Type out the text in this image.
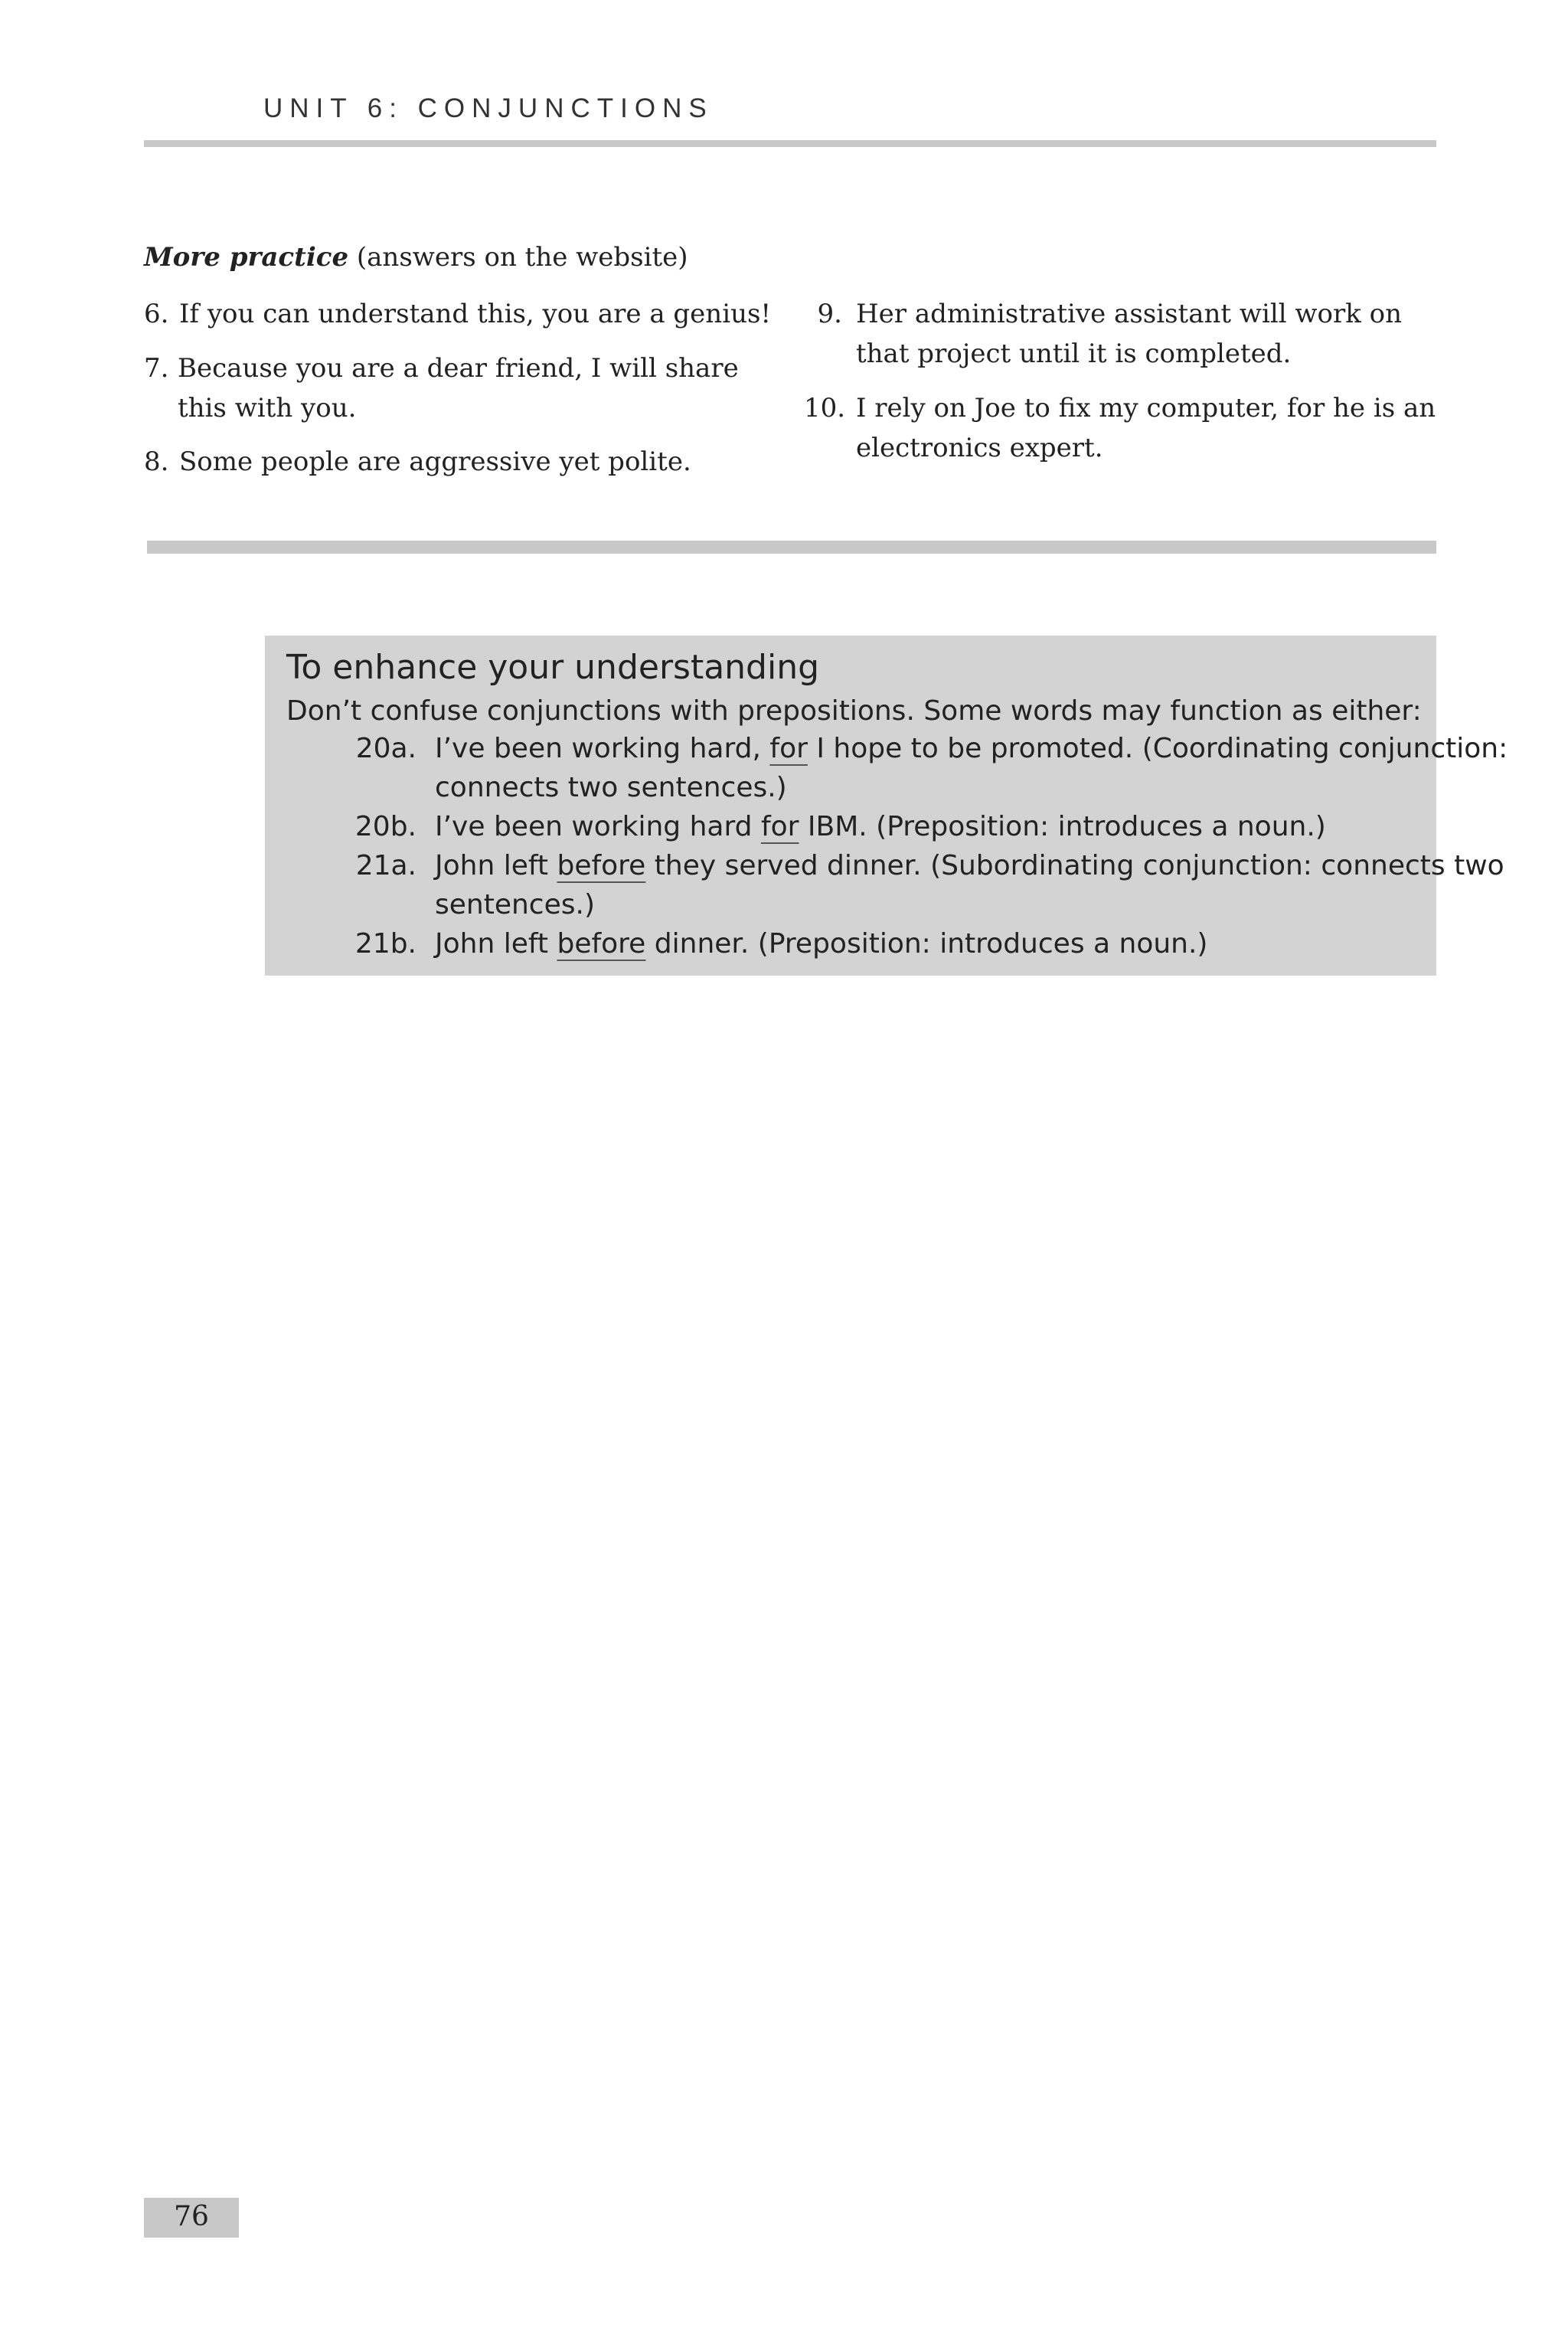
UNIT 6: CONJUNCTIONS
More practice (answers on the website)
6. If you can understand this, you are a genius!
7. Because you are a dear friend, I will share
this with you.
8. Some people are aggressive yet polite.
9. Her administrative assistant will work on
that project until it is completed.
10. I rely on Joe to fix my computer, for he is an
electronics expert.
To enhance your understanding
Don’t confuse conjunctions with prepositions. Some words may function as either:
20a. I’ve been working hard, for I hope to be promoted. (Coordinating conjunction:
connects two sentences.)
20b. I’ve been working hard for IBM. (Preposition: introduces a noun.)
21a. John left before they served dinner. (Subordinating conjunction: connects two
sentences.)
21b. John left before dinner. (Preposition: introduces a noun.)
76
